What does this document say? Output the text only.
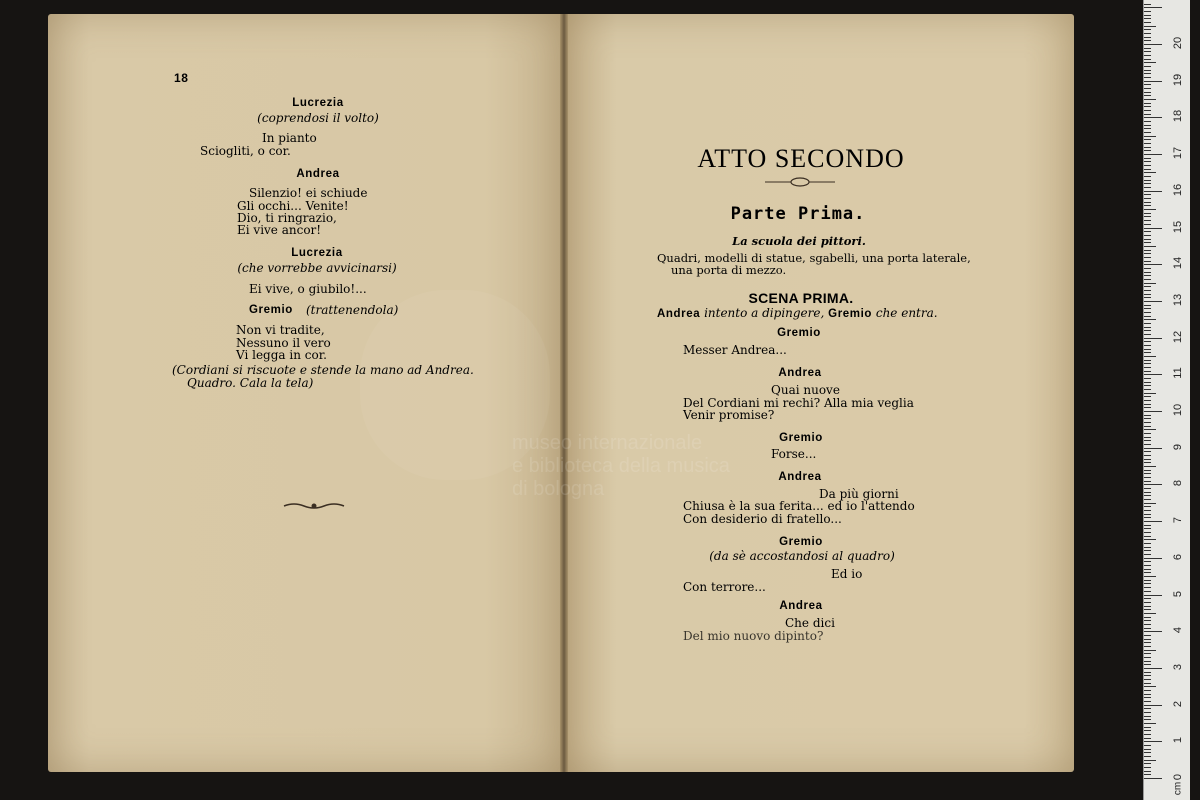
museo internazionale
e biblioteca della musica
di bologna
18
Lucrezia
(coprendosi il volto)
In pianto
Sciogliti, o cor.
Andrea
Silenzio! ei schiude
Gli occhi... Venite!
Dio, ti ringrazio,
Ei vive ancor!
Lucrezia
(che vorrebbe avvicinarsi)
Ei vive, o giubilo!...
Gremio (trattenendola)
Non vi tradite,
Nessuno il vero
Vi legga in cor.
(Cordiani si riscuote e stende la mano ad Andrea.
Quadro. Cala la tela)
ATTO SECONDO
Parte Prima.
La scuola dei pittori.
Quadri, modelli di statue, sgabelli, una porta laterale,
una porta di mezzo.
SCENA PRIMA.
Andrea intento a dipingere, Gremio che entra.
Gremio
Messer Andrea...
Andrea
Quai nuove
Del Cordiani mi rechi? Alla mia veglia
Venir promise?
Gremio
Forse...
Andrea
Da più giorni
Chiusa è la sua ferita... ed io l'attendo
Con desiderio di fratello...
Gremio
(da sè accostandosi al quadro)
Ed io
Con terrore...
Andrea
Che dici
Del mio nuovo dipinto?
0
1
2
3
4
5
6
7
8
9
10
11
12
13
14
15
16
17
18
19
20
cm
